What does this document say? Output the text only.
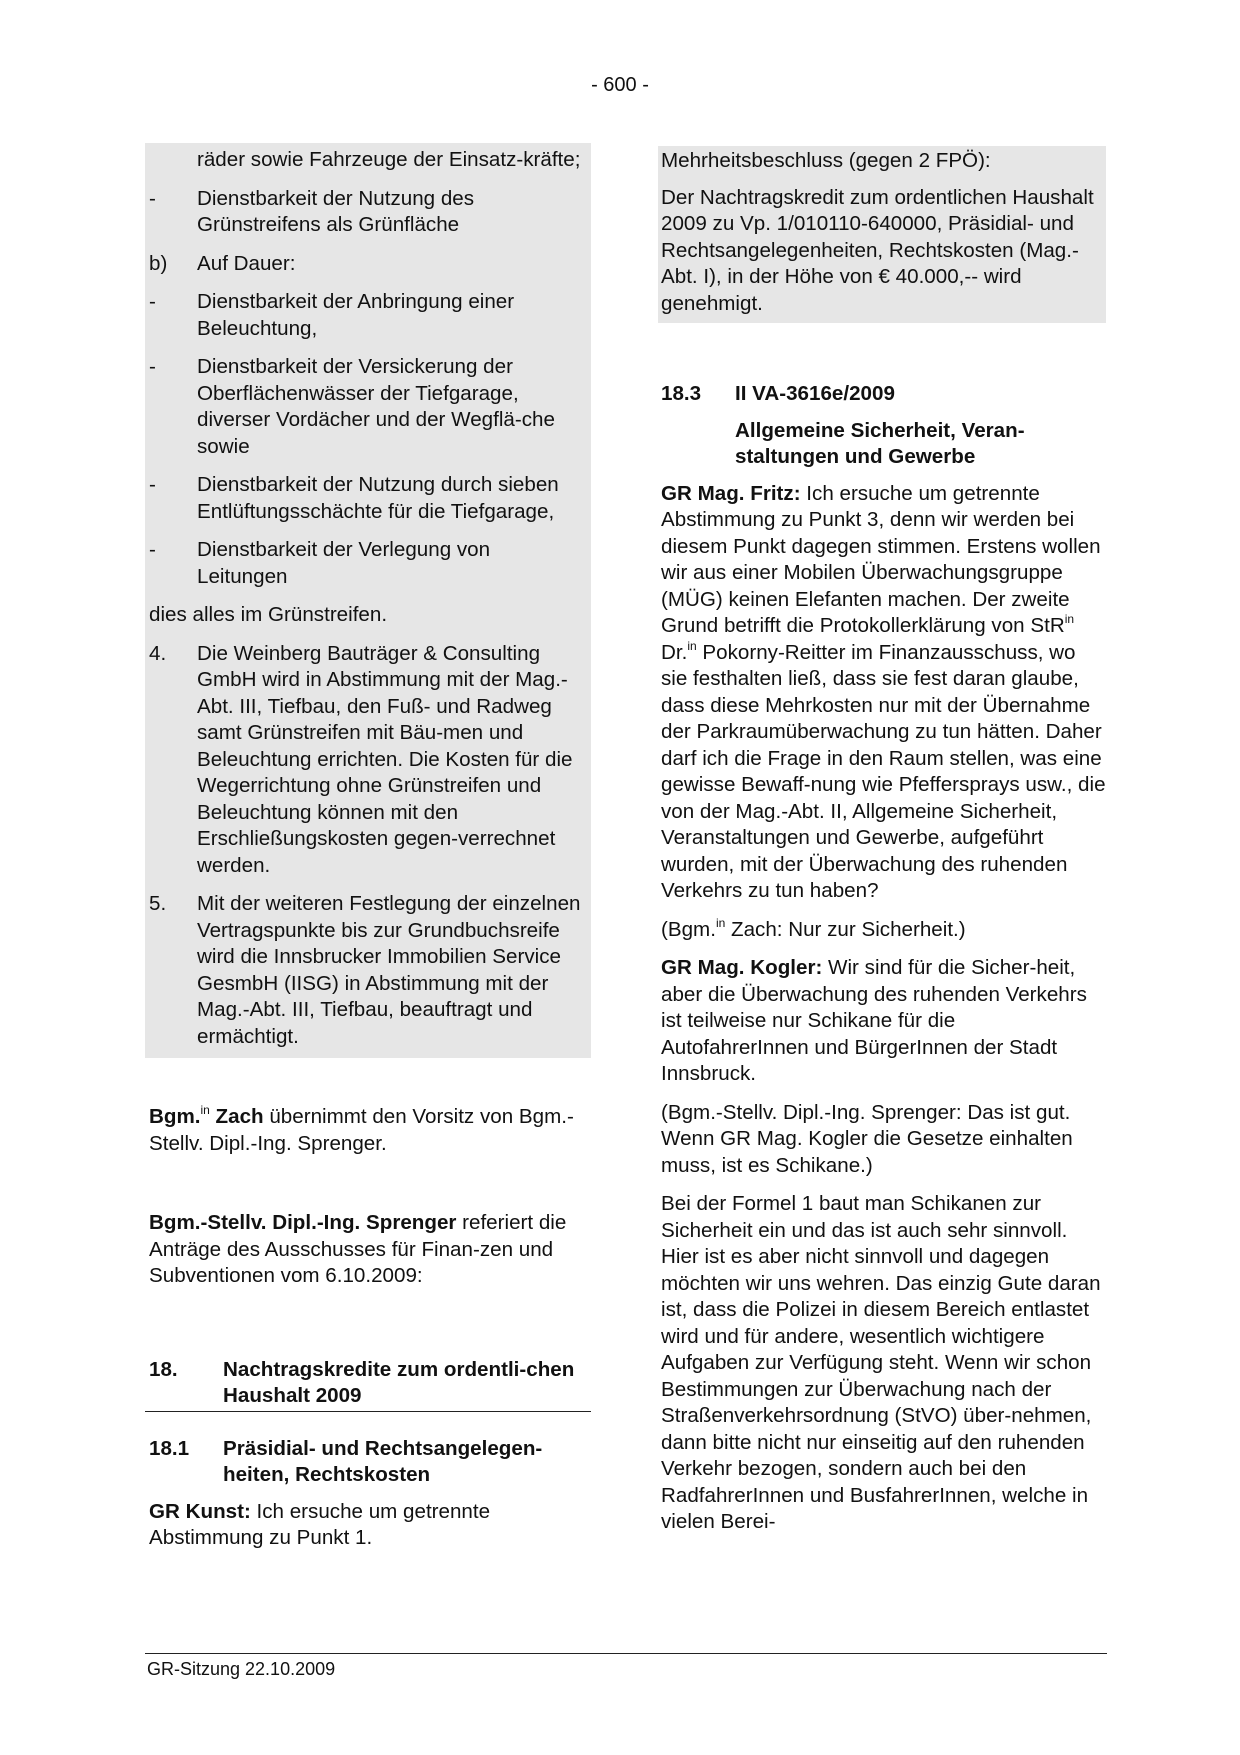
- 600 -
räder sowie Fahrzeuge der Einsatz-kräfte;
-	Dienstbarkeit der Nutzung des Grünstreifens als Grünfläche
b)	Auf Dauer:
-	Dienstbarkeit der Anbringung einer Beleuchtung,
-	Dienstbarkeit der Versickerung der Oberflächenwässer der Tiefgarage, diverser Vordächer und der Wegflä-che sowie
-	Dienstbarkeit der Nutzung durch sieben Entlüftungsschächte für die Tiefgarage,
-	Dienstbarkeit der Verlegung von Leitungen
dies alles im Grünstreifen.
4.	Die Weinberg Bauträger & Consulting GmbH wird in Abstimmung mit der Mag.-Abt. III, Tiefbau, den Fuß- und Radweg samt Grünstreifen mit Bäu-men und Beleuchtung errichten. Die Kosten für die Wegerrichtung ohne Grünstreifen und Beleuchtung können mit den Erschließungskosten gegen-verrechnet werden.
5.	Mit der weiteren Festlegung der einzelnen Vertragspunkte bis zur Grundbuchsreife wird die Innsbrucker Immobilien Service GesmbH (IISG) in Abstimmung mit der Mag.-Abt. III, Tiefbau, beauftragt und ermächtigt.

Bgm.$^{in}$ Zach übernimmt den Vorsitz von Bgm.-Stellv. Dipl.-Ing. Sprenger.

Bgm.-Stellv. Dipl.-Ing. Sprenger referiert die Anträge des Ausschusses für Finan-zen und Subventionen vom 6.10.2009:

18.	Nachtragskredite zum ordentli-chen Haushalt 2009
18.1	Präsidial- und Rechtsangelegen-heiten, Rechtskosten

GR Kunst: Ich ersuche um getrennte Abstimmung zu Punkt 1.

Mehrheitsbeschluss (gegen 2 FPÖ):

Der Nachtragskredit zum ordentlichen Haushalt 2009 zu Vp. 1/010110-640000, Präsidial- und Rechtsangelegenheiten, Rechtskosten (Mag.-Abt. I), in der Höhe von € 40.000,-- wird genehmigt.

18.3	II VA-3616e/2009
Allgemeine Sicherheit, Veran-staltungen und Gewerbe

GR Mag. Fritz: Ich ersuche um getrennte Abstimmung zu Punkt 3, denn wir werden bei diesem Punkt dagegen stimmen. Erstens wollen wir aus einer Mobilen Überwachungsgruppe (MÜG) keinen Elefanten machen. Der zweite Grund betrifft die Protokollerklärung von StR$^{in}$ Dr.$^{in}$ Pokorny-Reitter im Finanzausschuss, wo sie festhalten ließ, dass sie fest daran glaube, dass diese Mehrkosten nur mit der Übernahme der Parkraumüberwachung zu tun hätten. Daher darf ich die Frage in den Raum stellen, was eine gewisse Bewaff-nung wie Pfeffersprays usw., die von der Mag.-Abt. II, Allgemeine Sicherheit, Veranstaltungen und Gewerbe, aufgeführt wurden, mit der Überwachung des ruhenden Verkehrs zu tun haben?

(Bgm.$^{in}$ Zach: Nur zur Sicherheit.)

GR Mag. Kogler: Wir sind für die Sicher-heit, aber die Überwachung des ruhenden Verkehrs ist teilweise nur Schikane für die AutofahrerInnen und BürgerInnen der Stadt Innsbruck.

(Bgm.-Stellv. Dipl.-Ing. Sprenger: Das ist gut. Wenn GR Mag. Kogler die Gesetze einhalten muss, ist es Schikane.)

Bei der Formel 1 baut man Schikanen zur Sicherheit ein und das ist auch sehr sinnvoll. Hier ist es aber nicht sinnvoll und dagegen möchten wir uns wehren. Das einzig Gute daran ist, dass die Polizei in diesem Bereich entlastet wird und für andere, wesentlich wichtigere Aufgaben zur Verfügung steht. Wenn wir schon Bestimmungen zur Überwachung nach der Straßenverkehrsordnung (StVO) über-nehmen, dann bitte nicht nur einseitig auf den ruhenden Verkehr bezogen, sondern auch bei den RadfahrerInnen und BusfahrerInnen, welche in vielen Berei-

GR-Sitzung 22.10.2009
